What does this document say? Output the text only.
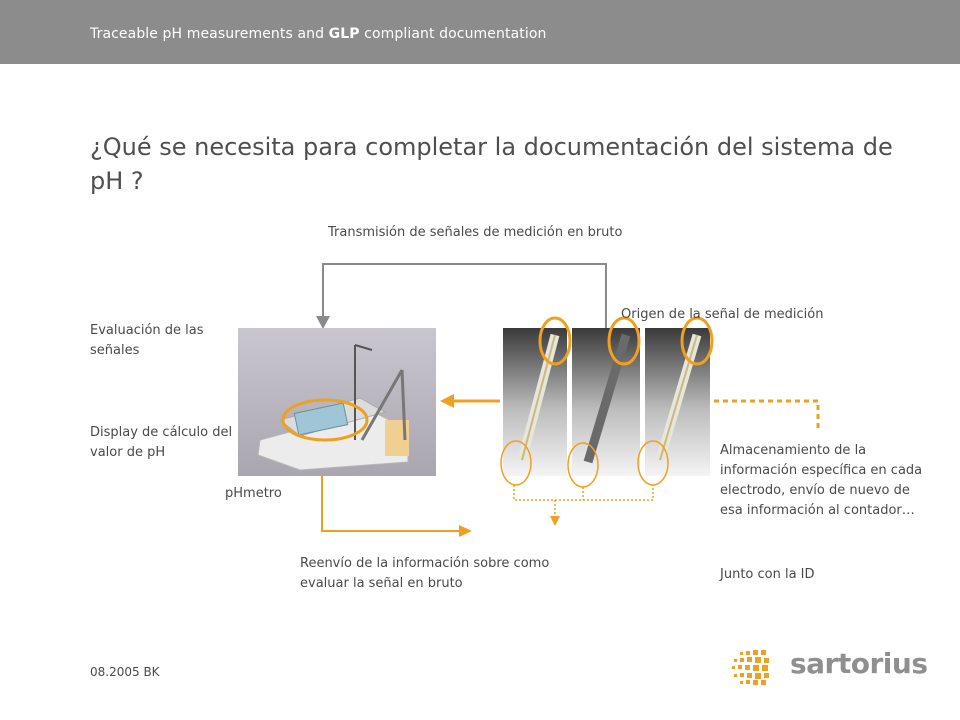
Traceable pH measurements and GLP compliant documentation
¿Qué se necesita para completar la documentación del sistema de pH ?
Transmisión de señales de medición en bruto
Origen de la señal de medición
Evaluación de las señales
Display de cálculo del valor de pH
pHmetro
Almacenamiento de la información específica en cada electrodo, envío de nuevo de esa información al contador…
Junto con la ID
Reenvío de la información sobre como evaluar la señal en bruto
08.2005 BK	sartorius
